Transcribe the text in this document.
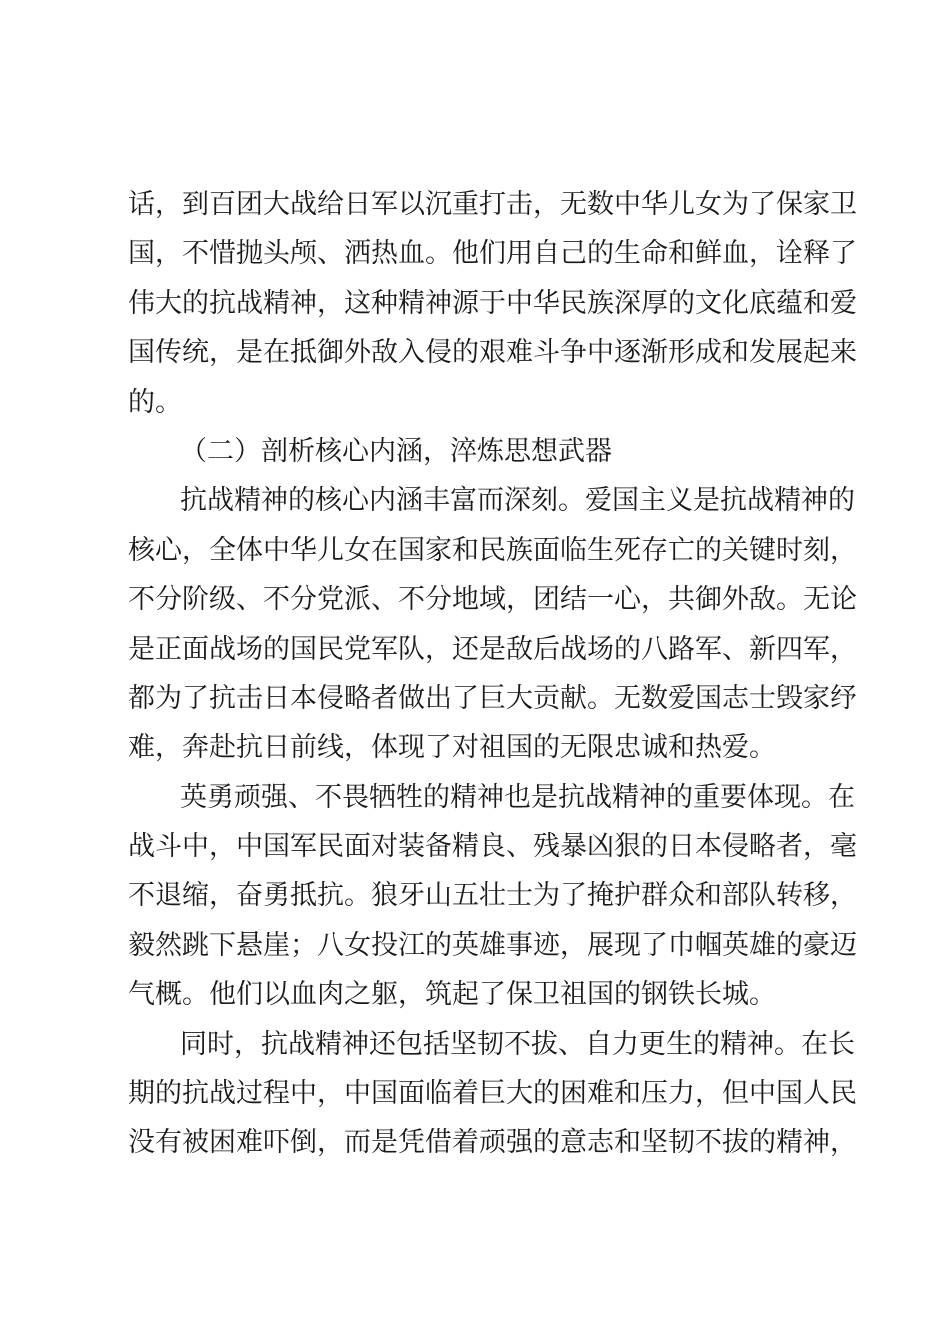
话，到百团大战给日军以沉重打击，无数中华儿女为了保家卫
国，不惜抛头颅、洒热血。他们用自己的生命和鲜血，诠释了
伟大的抗战精神，这种精神源于中华民族深厚的文化底蕴和爱
国传统，是在抵御外敌入侵的艰难斗争中逐渐形成和发展起来
的。
（二）剖析核心内涵，淬炼思想武器
抗战精神的核心内涵丰富而深刻。爱国主义是抗战精神的
核心，全体中华儿女在国家和民族面临生死存亡的关键时刻，
不分阶级、不分党派、不分地域，团结一心，共御外敌。无论
是正面战场的国民党军队，还是敌后战场的八路军、新四军，
都为了抗击日本侵略者做出了巨大贡献。无数爱国志士毁家纾
难，奔赴抗日前线，体现了对祖国的无限忠诚和热爱。
英勇顽强、不畏牺牲的精神也是抗战精神的重要体现。在
战斗中，中国军民面对装备精良、残暴凶狠的日本侵略者，毫
不退缩，奋勇抵抗。狼牙山五壮士为了掩护群众和部队转移，
毅然跳下悬崖；八女投江的英雄事迹，展现了巾帼英雄的豪迈
气概。他们以血肉之躯，筑起了保卫祖国的钢铁长城。
同时，抗战精神还包括坚韧不拔、自力更生的精神。在长
期的抗战过程中，中国面临着巨大的困难和压力，但中国人民
没有被困难吓倒，而是凭借着顽强的意志和坚韧不拔的精神，
